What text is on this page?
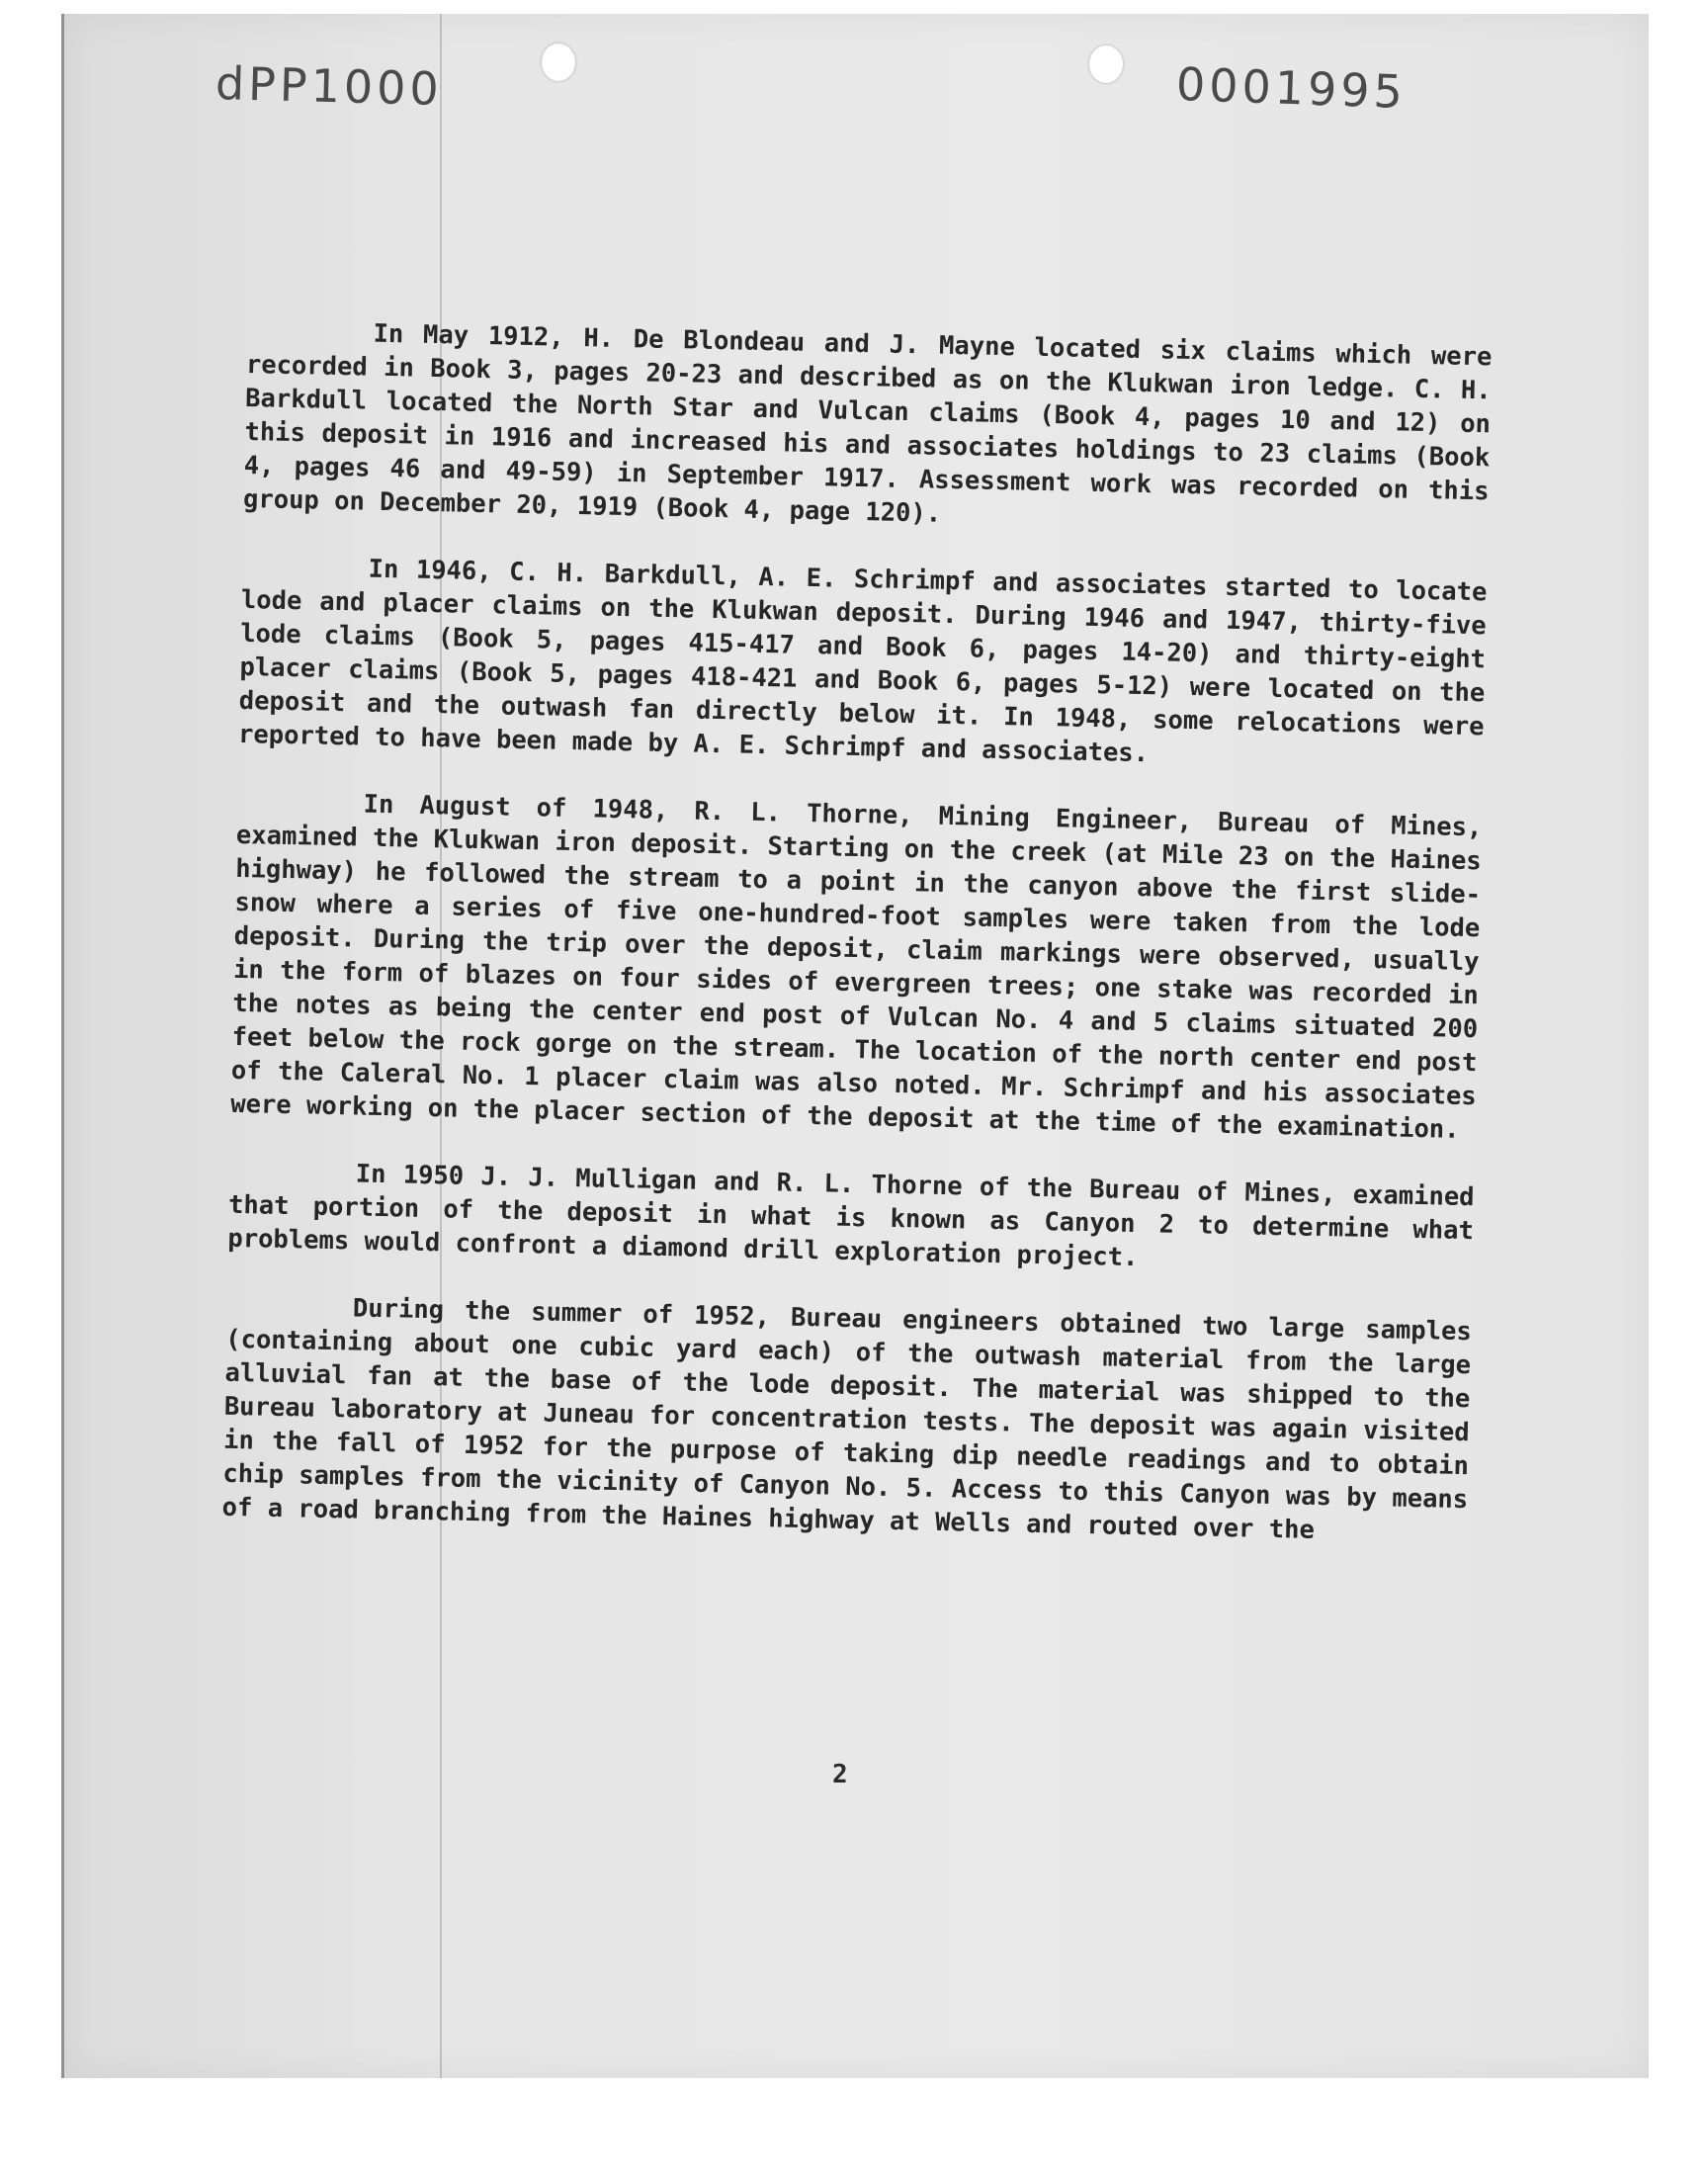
dPP1000	0001995

In May 1912, H. De Blondeau and J. Mayne located six claims which were recorded in Book 3, pages 20-23 and described as on the Klukwan iron ledge. C. H. Barkdull located the North Star and Vulcan claims (Book 4, pages 10 and 12) on this deposit in 1916 and increased his and associates holdings to 23 claims (Book 4, pages 46 and 49-59) in September 1917. Assessment work was recorded on this group on December 20, 1919 (Book 4, page 120).

In 1946, C. H. Barkdull, A. E. Schrimpf and associates started to locate lode and placer claims on the Klukwan deposit. During 1946 and 1947, thirty-five lode claims (Book 5, pages 415-417 and Book 6, pages 14-20) and thirty-eight placer claims (Book 5, pages 418-421 and Book 6, pages 5-12) were located on the deposit and the outwash fan directly below it. In 1948, some relocations were reported to have been made by A. E. Schrimpf and associates.

In August of 1948, R. L. Thorne, Mining Engineer, Bureau of Mines, examined the Klukwan iron deposit. Starting on the creek (at Mile 23 on the Haines highway) he followed the stream to a point in the canyon above the first slide-snow where a series of five one-hundred-foot samples were taken from the lode deposit. During the trip over the deposit, claim markings were observed, usually in the form of blazes on four sides of evergreen trees; one stake was recorded in the notes as being the center end post of Vulcan No. 4 and 5 claims situated 200 feet below the rock gorge on the stream. The location of the north center end post of the Caleral No. 1 placer claim was also noted. Mr. Schrimpf and his associates were working on the placer section of the deposit at the time of the examination.

In 1950 J. J. Mulligan and R. L. Thorne of the Bureau of Mines, examined that portion of the deposit in what is known as Canyon 2 to determine what problems would confront a diamond drill exploration project.

During the summer of 1952, Bureau engineers obtained two large samples (containing about one cubic yard each) of the outwash material from the large alluvial fan at the base of the lode deposit. The material was shipped to the Bureau laboratory at Juneau for concentration tests. The deposit was again visited in the fall of 1952 for the purpose of taking dip needle readings and to obtain chip samples from the vicinity of Canyon No. 5. Access to this Canyon was by means of a road branching from the Haines highway at Wells and routed over the

2
